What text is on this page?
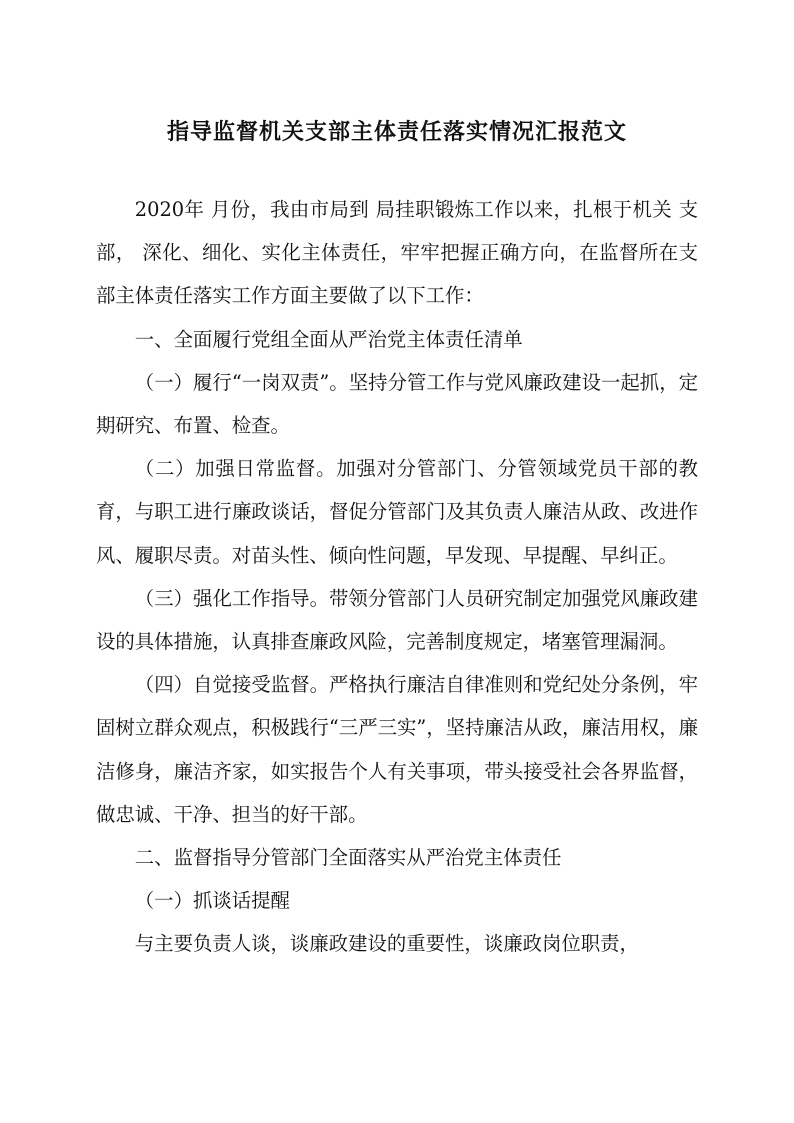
指导监督机关支部主体责任落实情况汇报范文

2020年 月份，我由市局到 局挂职锻炼工作以来，扎根于机关 支部， 深化、细化、实化主体责任，牢牢把握正确方向，在监督所在支部主体责任落实工作方面主要做了以下工作：

一、全面履行党组全面从严治党主体责任清单

（一）履行“一岗双责”。坚持分管工作与党风廉政建设一起抓，定期研究、布置、检查。

（二）加强日常监督。加强对分管部门、分管领域党员干部的教育，与职工进行廉政谈话，督促分管部门及其负责人廉洁从政、改进作风、履职尽责。对苗头性、倾向性问题，早发现、早提醒、早纠正。

（三）强化工作指导。带领分管部门人员研究制定加强党风廉政建设的具体措施，认真排查廉政风险，完善制度规定，堵塞管理漏洞。

（四）自觉接受监督。严格执行廉洁自律准则和党纪处分条例，牢固树立群众观点，积极践行“三严三实”，坚持廉洁从政，廉洁用权，廉洁修身，廉洁齐家，如实报告个人有关事项，带头接受社会各界监督，做忠诚、干净、担当的好干部。

二、监督指导分管部门全面落实从严治党主体责任

（一）抓谈话提醒

与主要负责人谈，谈廉政建设的重要性，谈廉政岗位职责，
